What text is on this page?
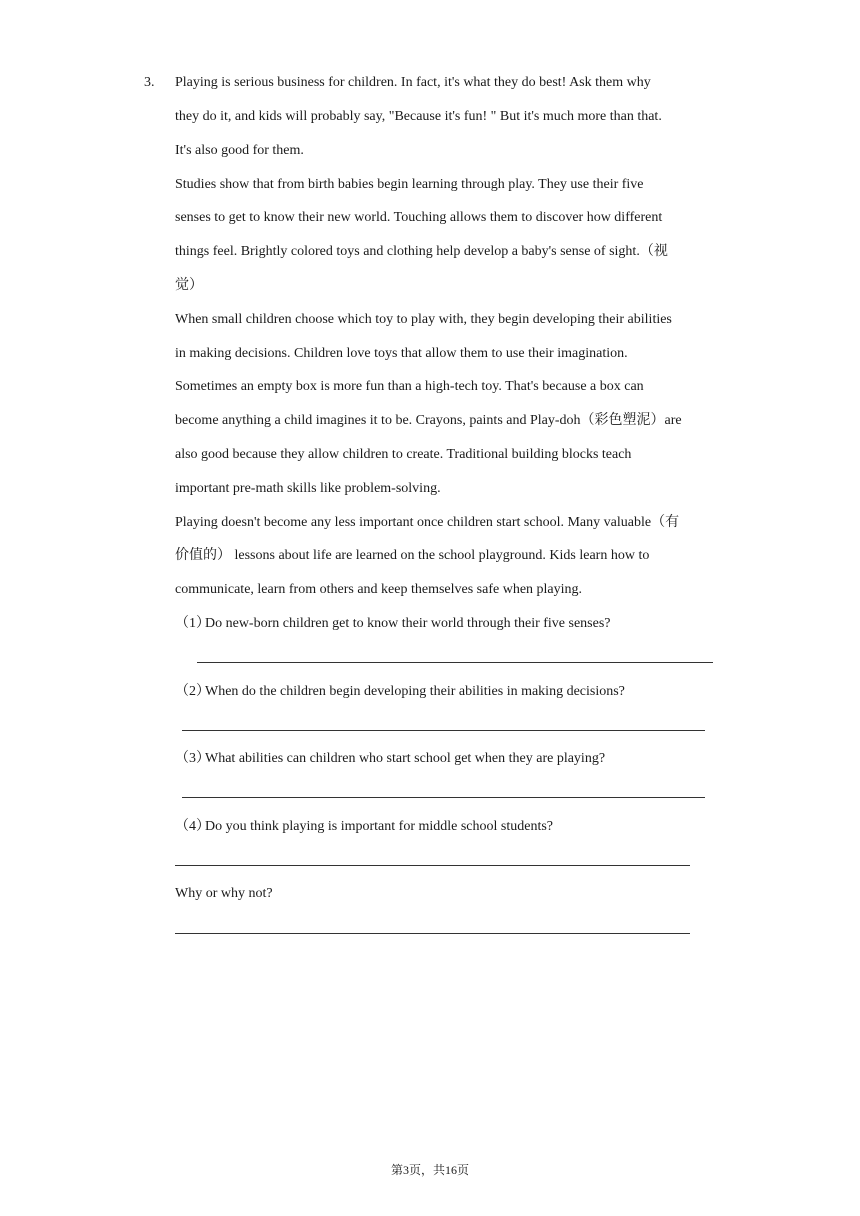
3. Playing is serious business for children. In fact, it's what they do best! Ask them why
they do it, and kids will probably say, "Because it's fun! " But it's much more than that.
It's also good for them.
Studies show that from birth babies begin learning through play. They use their five
senses to get to know their new world. Touching allows them to discover how different
things feel. Brightly colored toys and clothing help develop a baby's sense of sight.（视
觉）
When small children choose which toy to play with, they begin developing their abilities
in making decisions. Children love toys that allow them to use their imagination.
Sometimes an empty box is more fun than a high-tech toy. That's because a box can
become anything a child imagines it to be. Crayons, paints and Play-doh（彩色塑泥）are
also good because they allow children to create. Traditional building blocks teach
important pre-math skills like problem-solving.
Playing doesn't become any less important once children start school. Many valuable（有
价值的） lessons about life are learned on the school playground. Kids learn how to
communicate, learn from others and keep themselves safe when playing.
（1）Do new-born children get to know their world through their five senses?
（2）When do the children begin developing their abilities in making decisions?
（3）What abilities can children who start school get when they are playing?
（4）Do you think playing is important for middle school students?
Why or why not?
第3页，共16页
